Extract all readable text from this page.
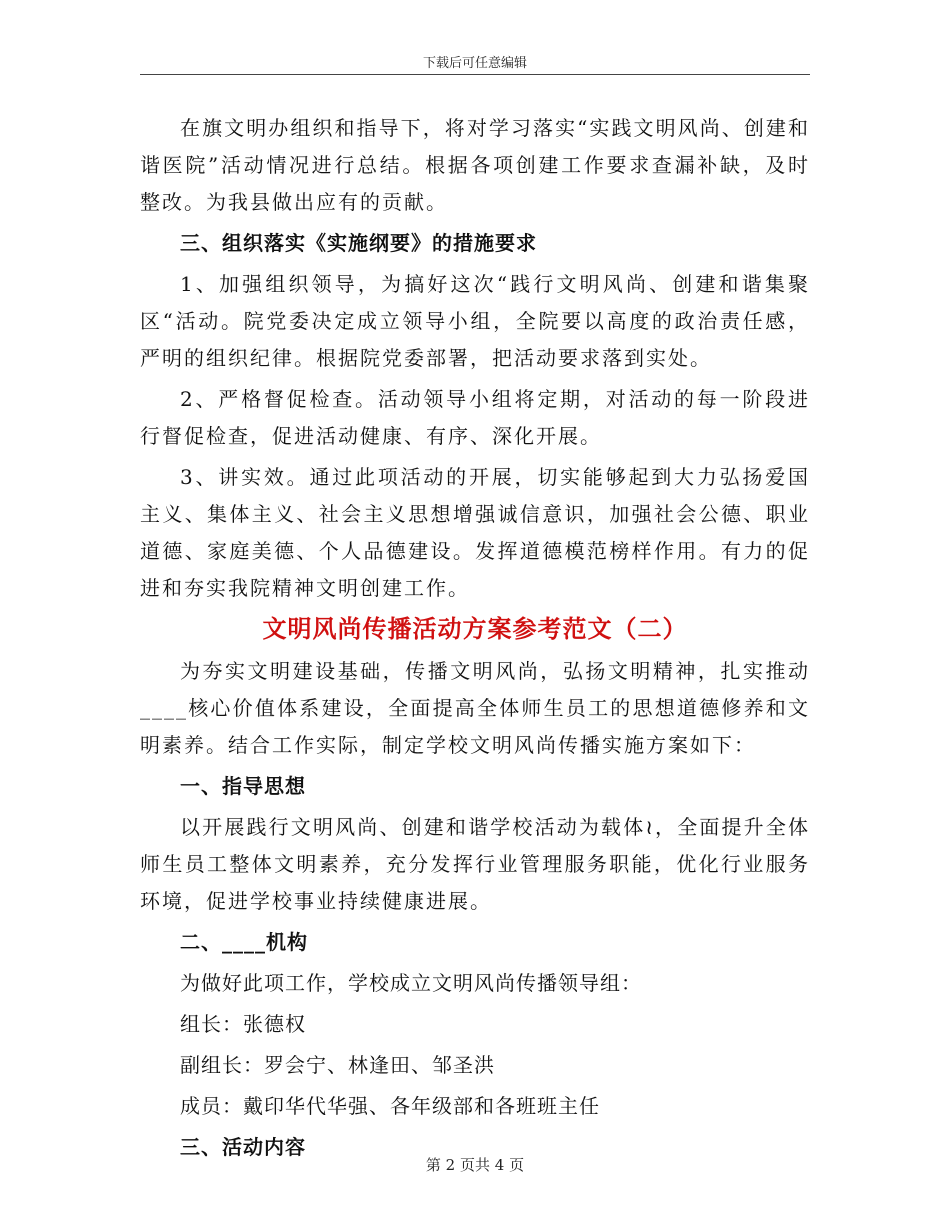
下载后可任意编辑

在旗文明办组织和指导下，将对学习落实“实践文明风尚、创建和谐医院”活动情况进行总结。根据各项创建工作要求查漏补缺，及时整改。为我县做出应有的贡献。

三、组织落实《实施纲要》的措施要求

1、加强组织领导，为搞好这次“践行文明风尚、创建和谐集聚区“活动。院党委决定成立领导小组，全院要以高度的政治责任感，严明的组织纪律。根据院党委部署，把活动要求落到实处。

2、严格督促检查。活动领导小组将定期，对活动的每一阶段进行督促检查，促进活动健康、有序、深化开展。

3、讲实效。通过此项活动的开展，切实能够起到大力弘扬爱国主义、集体主义、社会主义思想增强诚信意识，加强社会公德、职业道德、家庭美德、个人品德建设。发挥道德模范榜样作用。有力的促进和夯实我院精神文明创建工作。

文明风尚传播活动方案参考范文（二）

为夯实文明建设基础，传播文明风尚，弘扬文明精神，扎实推动____核心价值体系建设，全面提高全体师生员工的思想道德修养和文明素养。结合工作实际，制定学校文明风尚传播实施方案如下：

一、指导思想

以开展践行文明风尚、创建和谐学校活动为载体≀，全面提升全体师生员工整体文明素养，充分发挥行业管理服务职能，优化行业服务环境，促进学校事业持续健康进展。

二、____机构

为做好此项工作，学校成立文明风尚传播领导组：

组长：张德权

副组长：罗会宁、林逢田、邹圣洪

成员：戴印华代华强、各年级部和各班班主任

三、活动内容

第 2 页共 4 页
